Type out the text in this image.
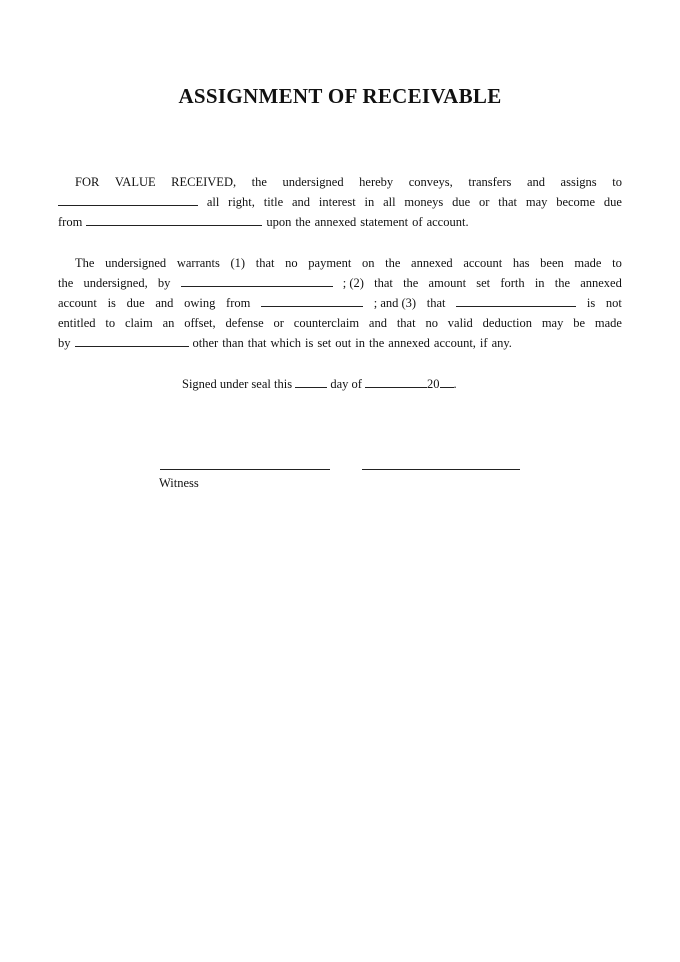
ASSIGNMENT OF RECEIVABLE
FOR VALUE RECEIVED, the undersigned hereby conveys, transfers and assigns to
all right, title and interest in all moneys due or that may become due
from	upon the annexed statement of account.
The undersigned warrants (1) that no payment on the annexed account has been made to
the undersigned, by	; (2) that the amount set forth in the annexed
account is due and owing from	; and (3) that	is not
entitled to claim an offset, defense or counterclaim and that no valid deduction may be made
by	other than that which is set out in the annexed account, if any.
Signed under seal this	day of	20 .
Witness
